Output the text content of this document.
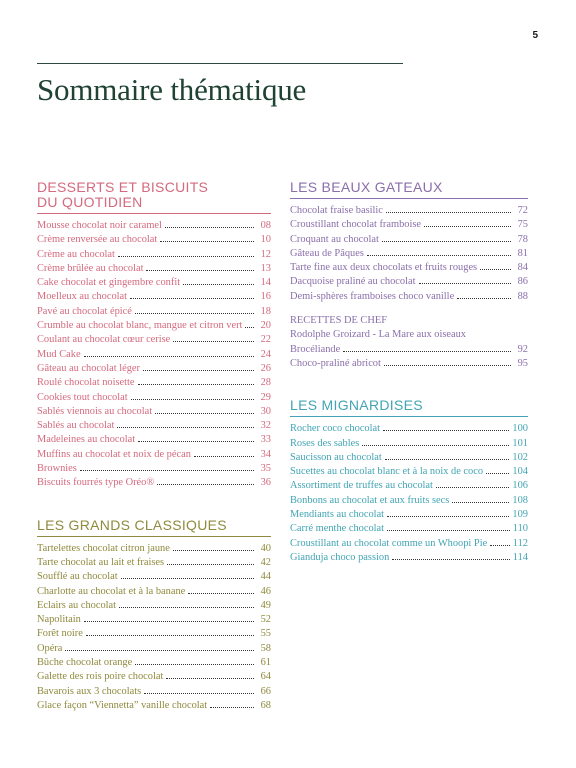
5
Sommaire thématique
DESSERTS ET BISCUITS
DU QUOTIDIEN
Mousse chocolat noir caramel	08
Crème renversée au chocolat	10
Crème au chocolat	12
Crème brûlée au chocolat	13
Cake chocolat et gingembre confit	14
Moelleux au chocolat	16
Pavé au chocolat épicé	18
Crumble au chocolat blanc, mangue et citron vert	20
Coulant au chocolat cœur cerise	22
Mud Cake	24
Gâteau au chocolat léger	26
Roulé chocolat noisette	28
Cookies tout chocolat	29
Sablés viennois au chocolat	30
Sablés au chocolat	32
Madeleines au chocolat	33
Muffins au chocolat et noix de pécan	34
Brownies	35
Biscuits fourrés type Oréo®	36
LES GRANDS CLASSIQUES
Tartelettes chocolat citron jaune	40
Tarte chocolat au lait et fraises	42
Soufflé au chocolat	44
Charlotte au chocolat et à la banane	46
Eclairs au chocolat	49
Napolitain	52
Forêt noire	55
Opéra	58
Bûche chocolat orange	61
Galette des rois poire chocolat	64
Bavarois aux 3 chocolats	66
Glace façon “Viennetta” vanille chocolat	68
LES BEAUX GATEAUX
Chocolat fraise basilic	72
Croustillant chocolat framboise	75
Croquant au chocolat	78
Gâteau de Pâques	81
Tarte fine aux deux chocolats et fruits rouges	84
Dacquoise praliné au chocolat	86
Demi-sphères framboises choco vanille	88
RECETTES DE CHEF
Rodolphe Groizard - La Mare aux oiseaux
Brocéliande	92
Choco-praliné abricot	95
LES MIGNARDISES
Rocher coco chocolat	100
Roses des sables	101
Saucisson au chocolat	102
Sucettes au chocolat blanc et à la noix de coco	104
Assortiment de truffes au chocolat	106
Bonbons au chocolat et aux fruits secs	108
Mendiants au chocolat	109
Carré menthe chocolat	110
Croustillant au chocolat comme un Whoopi Pie 112
Gianduja choco passion	114
